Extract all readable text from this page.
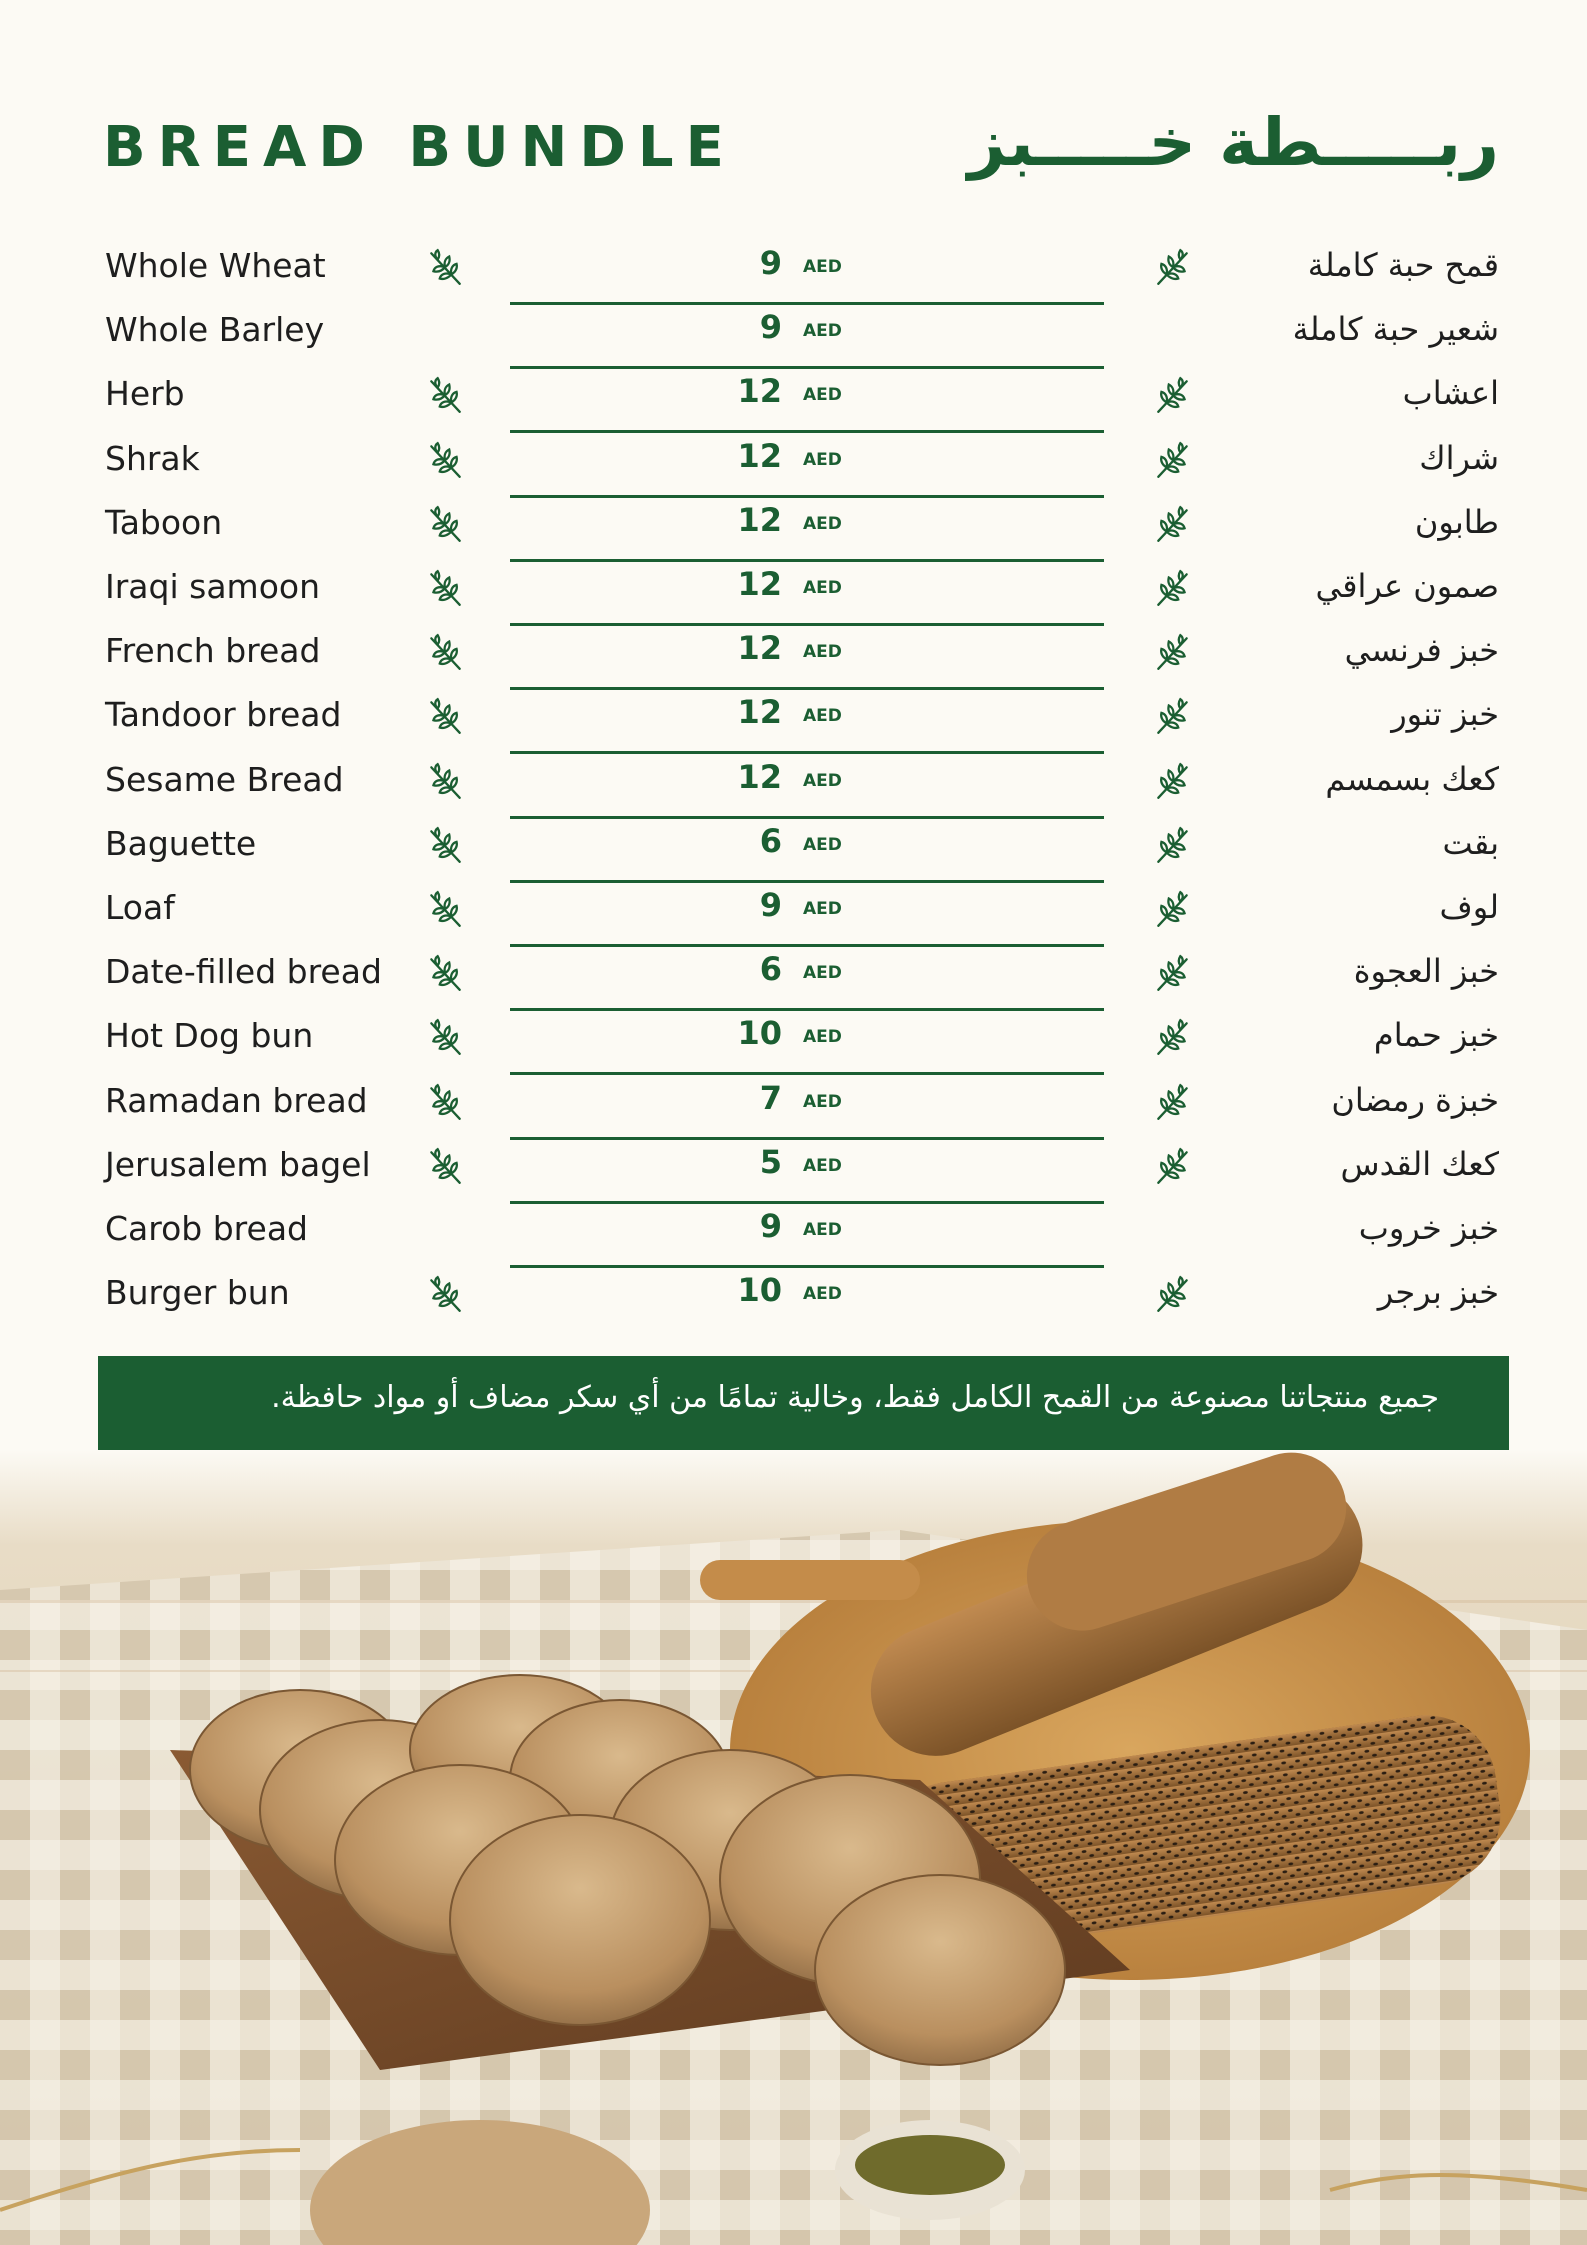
BREAD BUNDLE	ربـــــطة خـــــبز
Whole Wheat	9 AED	قمح حبة كاملة
Whole Barley	9 AED	شعير حبة كاملة
Herb	12 AED	اعشاب
Shrak	12 AED	شراك
Taboon	12 AED	طابون
Iraqi samoon	12 AED	صمون عراقي
French bread	12 AED	خبز فرنسي
Tandoor bread	12 AED	خبز تنور
Sesame Bread	12 AED	كعك بسمسم
Baguette	6 AED	بقت
Loaf	9 AED	لوف
Date-filled bread	6 AED	خبز العجوة
Hot Dog bun	10 AED	خبز حمام
Ramadan bread	7 AED	خبزة رمضان
Jerusalem bagel	5 AED	كعك القدس
Carob bread	9 AED	خبز خروب
Burger bun	10 AED	خبز برجر
جميع منتجاتنا مصنوعة من القمح الكامل فقط، وخالية تمامًا من أي سكر مضاف أو مواد حافظة.
